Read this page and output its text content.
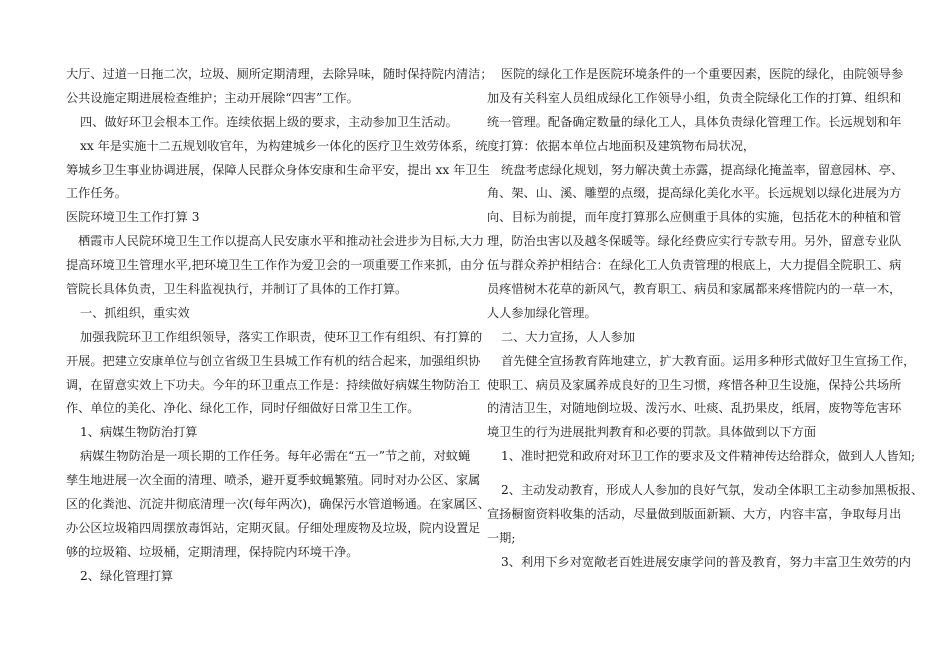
大厅、过道一日拖二次，垃圾、厕所定期清理，去除异味，随时保持院内清洁；
公共设施定期进展检查维护；主动开展除“四害”工作。
四、做好环卫会根本工作。连续依据上级的要求，主动参加卫生活动。
xx 年是实施十二五规划收官年，为构建城乡一体化的医疗卫生效劳体系，统
筹城乡卫生事业协调进展，保障人民群众身体安康和生命平安，提出 xx 年卫生
工作任务。
医院环境卫生工作打算 3
栖霞市人民院环境卫生工作以提高人民安康水平和推动社会进步为目标,大力
提高环境卫生管理水平,把环境卫生工作作为爱卫会的一项重要工作来抓，由分
管院长具体负责，卫生科监视执行，并制订了具体的工作打算。
一、抓组织，重实效
加强我院环卫工作组织领导，落实工作职责，使环卫工作有组织、有打算的
开展。把建立安康单位与创立省级卫生县城工作有机的结合起来，加强组织协
调，在留意实效上下功夫。今年的环卫重点工作是：持续做好病媒生物防治工
作、单位的美化、净化、绿化工作，同时仔细做好日常卫生工作。
1、病媒生物防治打算
病媒生物防治是一项长期的工作任务。每年必需在“五一”节之前，对蚊蝇
孳生地进展一次全面的清理、喷杀，避开夏季蚊蝇繁殖。同时对办公区、家属
区的化粪池、沉淀井彻底清理一次(每年两次)，确保污水管道畅通。在家属区、
办公区垃圾箱四周摆放毒饵站，定期灭鼠。仔细处理废物及垃圾，院内设置足
够的垃圾箱、垃圾桶，定期清理，保持院内环境干净。
2、绿化管理打算
医院的绿化工作是医院环境条件的一个重要因素，医院的绿化，由院领导参
加及有关科室人员组成绿化工作领导小组，负责全院绿化工作的打算、组织和
统一管理。配备确定数量的绿化工人，具体负责绿化管理工作。长远规划和年
度打算：依据本单位占地面积及建筑物布局状况，
统盘考虑绿化规划，努力解决黄土赤露，提高绿化掩盖率，留意园林、亭、
角、架、山、溪、雕塑的点缀，提高绿化美化水平。长远规划以绿化进展为方
向、目标为前提，而年度打算那么应侧重于具体的实施，包括花木的种植和管
理，防治虫害以及越冬保暖等。绿化经费应实行专款专用。另外，留意专业队
伍与群众养护相结合：在绿化工人负责管理的根底上，大力提倡全院职工、病
员疼惜树木花草的新风气，教育职工、病员和家属都来疼惜院内的一草一木，
人人参加绿化管理。
二、大力宣扬，人人参加
首先健全宣扬教育阵地建立，扩大教育面。运用多种形式做好卫生宣扬工作，
使职工、病员及家属养成良好的卫生习惯，疼惜各种卫生设施，保持公共场所
的清洁卫生，对随地倒垃圾、泼污水、吐痰、乱扔果皮，纸屑，废物等危害环
境卫生的行为进展批判教育和必要的罚款。具体做到以下方面
1、准时把党和政府对环卫工作的要求及文件精神传达给群众，做到人人皆知;
2、主动发动教育，形成人人参加的良好气氛，发动全体职工主动参加黑板报、
宣扬橱窗资料收集的活动，尽量做到版面新颖、大方，内容丰富，争取每月出
一期;
3、利用下乡对宽敞老百姓进展安康学问的普及教育，努力丰富卫生效劳的内
